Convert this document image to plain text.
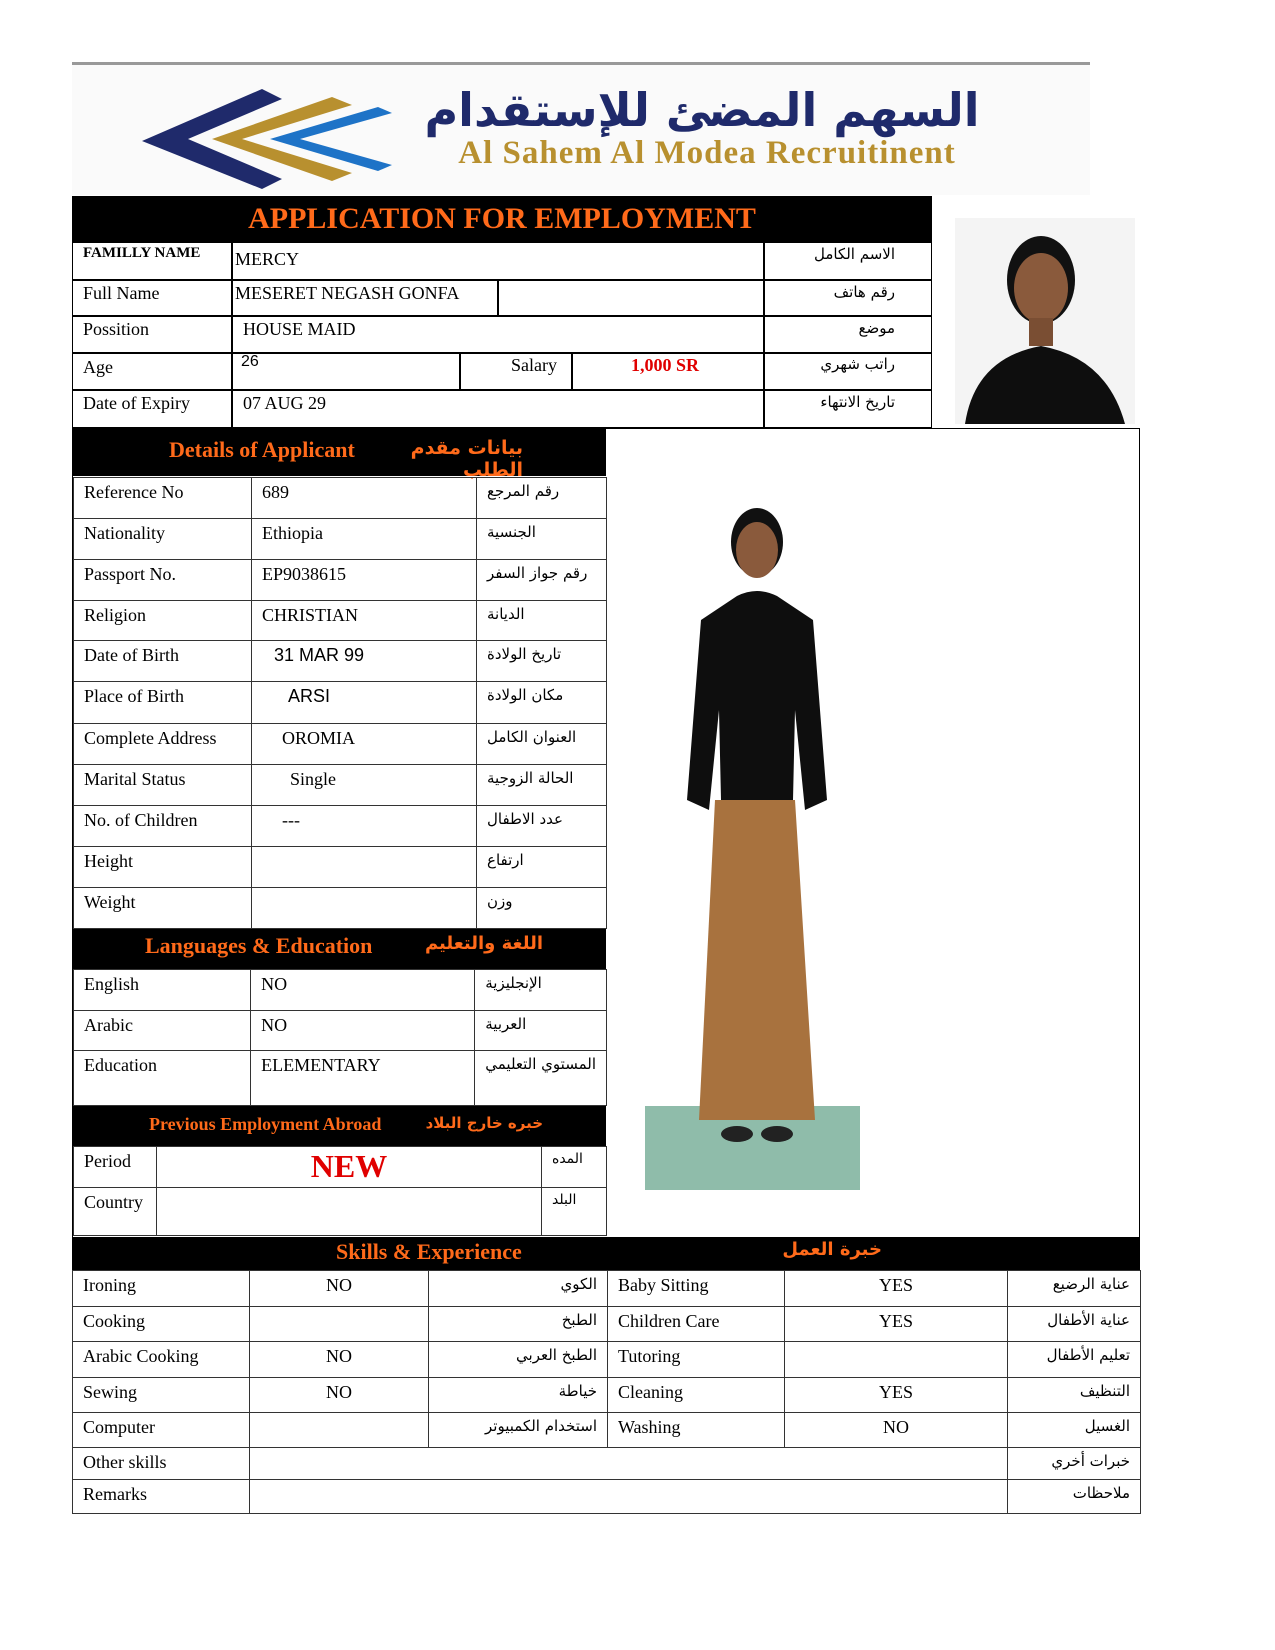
السهم المضئ للإستقدام
Al Sahem Al Modea Recruitinent
APPLICATION FOR EMPLOYMENT
FAMILLY NAME MERCY	الاسم الكامل
Full Name	MESERET NEGASH GONFA	رقم هاتف
Possition	HOUSE MAID	موضع
Age	26	Salary	1,000 SR	راتب شهري
Date of Expiry	07 AUG 29	تاريخ الانتهاء
Details of Applicant	بيانات مقدم الطلب
Reference No	689	رقم المرجع
Nationality	Ethiopia	الجنسية
Passport No.	EP9038615	رقم جواز السفر
Religion	CHRISTIAN	الديانة
Date of Birth	31 MAR 99	تاريخ الولادة
Place of Birth	ARSI	مكان الولادة
Complete Address	OROMIA	العنوان الكامل
Marital Status	Single	الحالة الزوجية
No. of Children	---	عدد الاطفال
Height		ارتفاع
Weight		وزن
Languages & Education	اللغة والتعليم
English	NO	الإنجليزية
Arabic	NO	العربية
Education	ELEMENTARY	المستوي التعليمي
Previous Employment Abroad	خبره خارج البلاد
Period	NEW	المده
Country		البلد
Skills & Experience	خبرة العمل
Ironing	NO	الكوي	Baby Sitting	YES	عناية الرضيع
Cooking		الطبخ	Children Care	YES	عناية الأطفال
Arabic Cooking	NO	الطبخ العربي	Tutoring		تعليم الأطفال
Sewing	NO	خياطة	Cleaning	YES	التنظيف
Computer		استخدام الكمبيوتر	Washing	NO	الغسيل
Other skills					خبرات أخري
Remarks					ملاحظات
